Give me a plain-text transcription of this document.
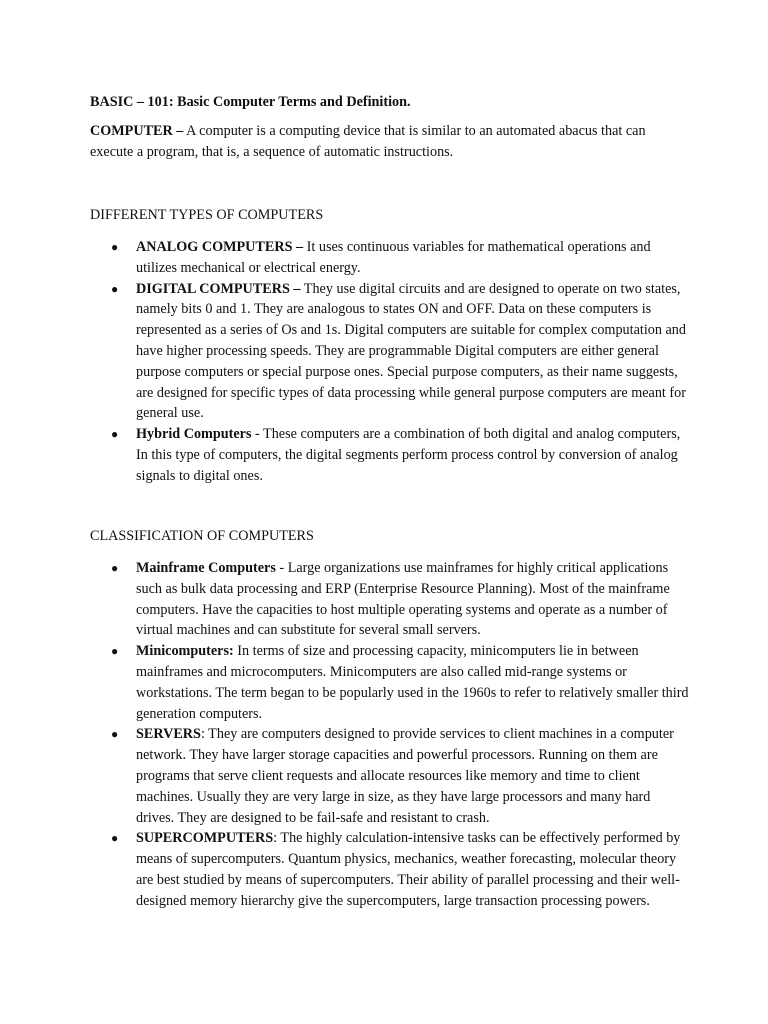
BASIC – 101: Basic Computer Terms and Definition.

COMPUTER – A computer is a computing device that is similar to an automated abacus that can execute a program, that is, a sequence of automatic instructions.

DIFFERENT TYPES OF COMPUTERS

● ANALOG COMPUTERS – It uses continuous variables for mathematical operations and utilizes mechanical or electrical energy.
● DIGITAL COMPUTERS – They use digital circuits and are designed to operate on two states, namely bits 0 and 1. They are analogous to states ON and OFF. Data on these computers is represented as a series of Os and 1s. Digital computers are suitable for complex computation and have higher processing speeds. They are programmable Digital computers are either general purpose computers or special purpose ones. Special purpose computers, as their name suggests, are designed for specific types of data processing while general purpose computers are meant for general use.
● Hybrid Computers - These computers are a combination of both digital and analog computers, In this type of computers, the digital segments perform process control by conversion of analog signals to digital ones.

CLASSIFICATION OF COMPUTERS

● Mainframe Computers - Large organizations use mainframes for highly critical applications such as bulk data processing and ERP (Enterprise Resource Planning). Most of the mainframe computers. Have the capacities to host multiple operating systems and operate as a number of virtual machines and can substitute for several small servers.
● Minicomputers: In terms of size and processing capacity, minicomputers lie in between mainframes and microcomputers. Minicomputers are also called mid-range systems or workstations. The term began to be popularly used in the 1960s to refer to relatively smaller third generation computers.
● SERVERS: They are computers designed to provide services to client machines in a computer network. They have larger storage capacities and powerful processors. Running on them are programs that serve client requests and allocate resources like memory and time to client machines. Usually they are very large in size, as they have large processors and many hard drives. They are designed to be fail-safe and resistant to crash.
● SUPERCOMPUTERS: The highly calculation-intensive tasks can be effectively performed by means of supercomputers. Quantum physics, mechanics, weather forecasting, molecular theory are best studied by means of supercomputers. Their ability of parallel processing and their well-designed memory hierarchy give the supercomputers, large transaction processing powers.
